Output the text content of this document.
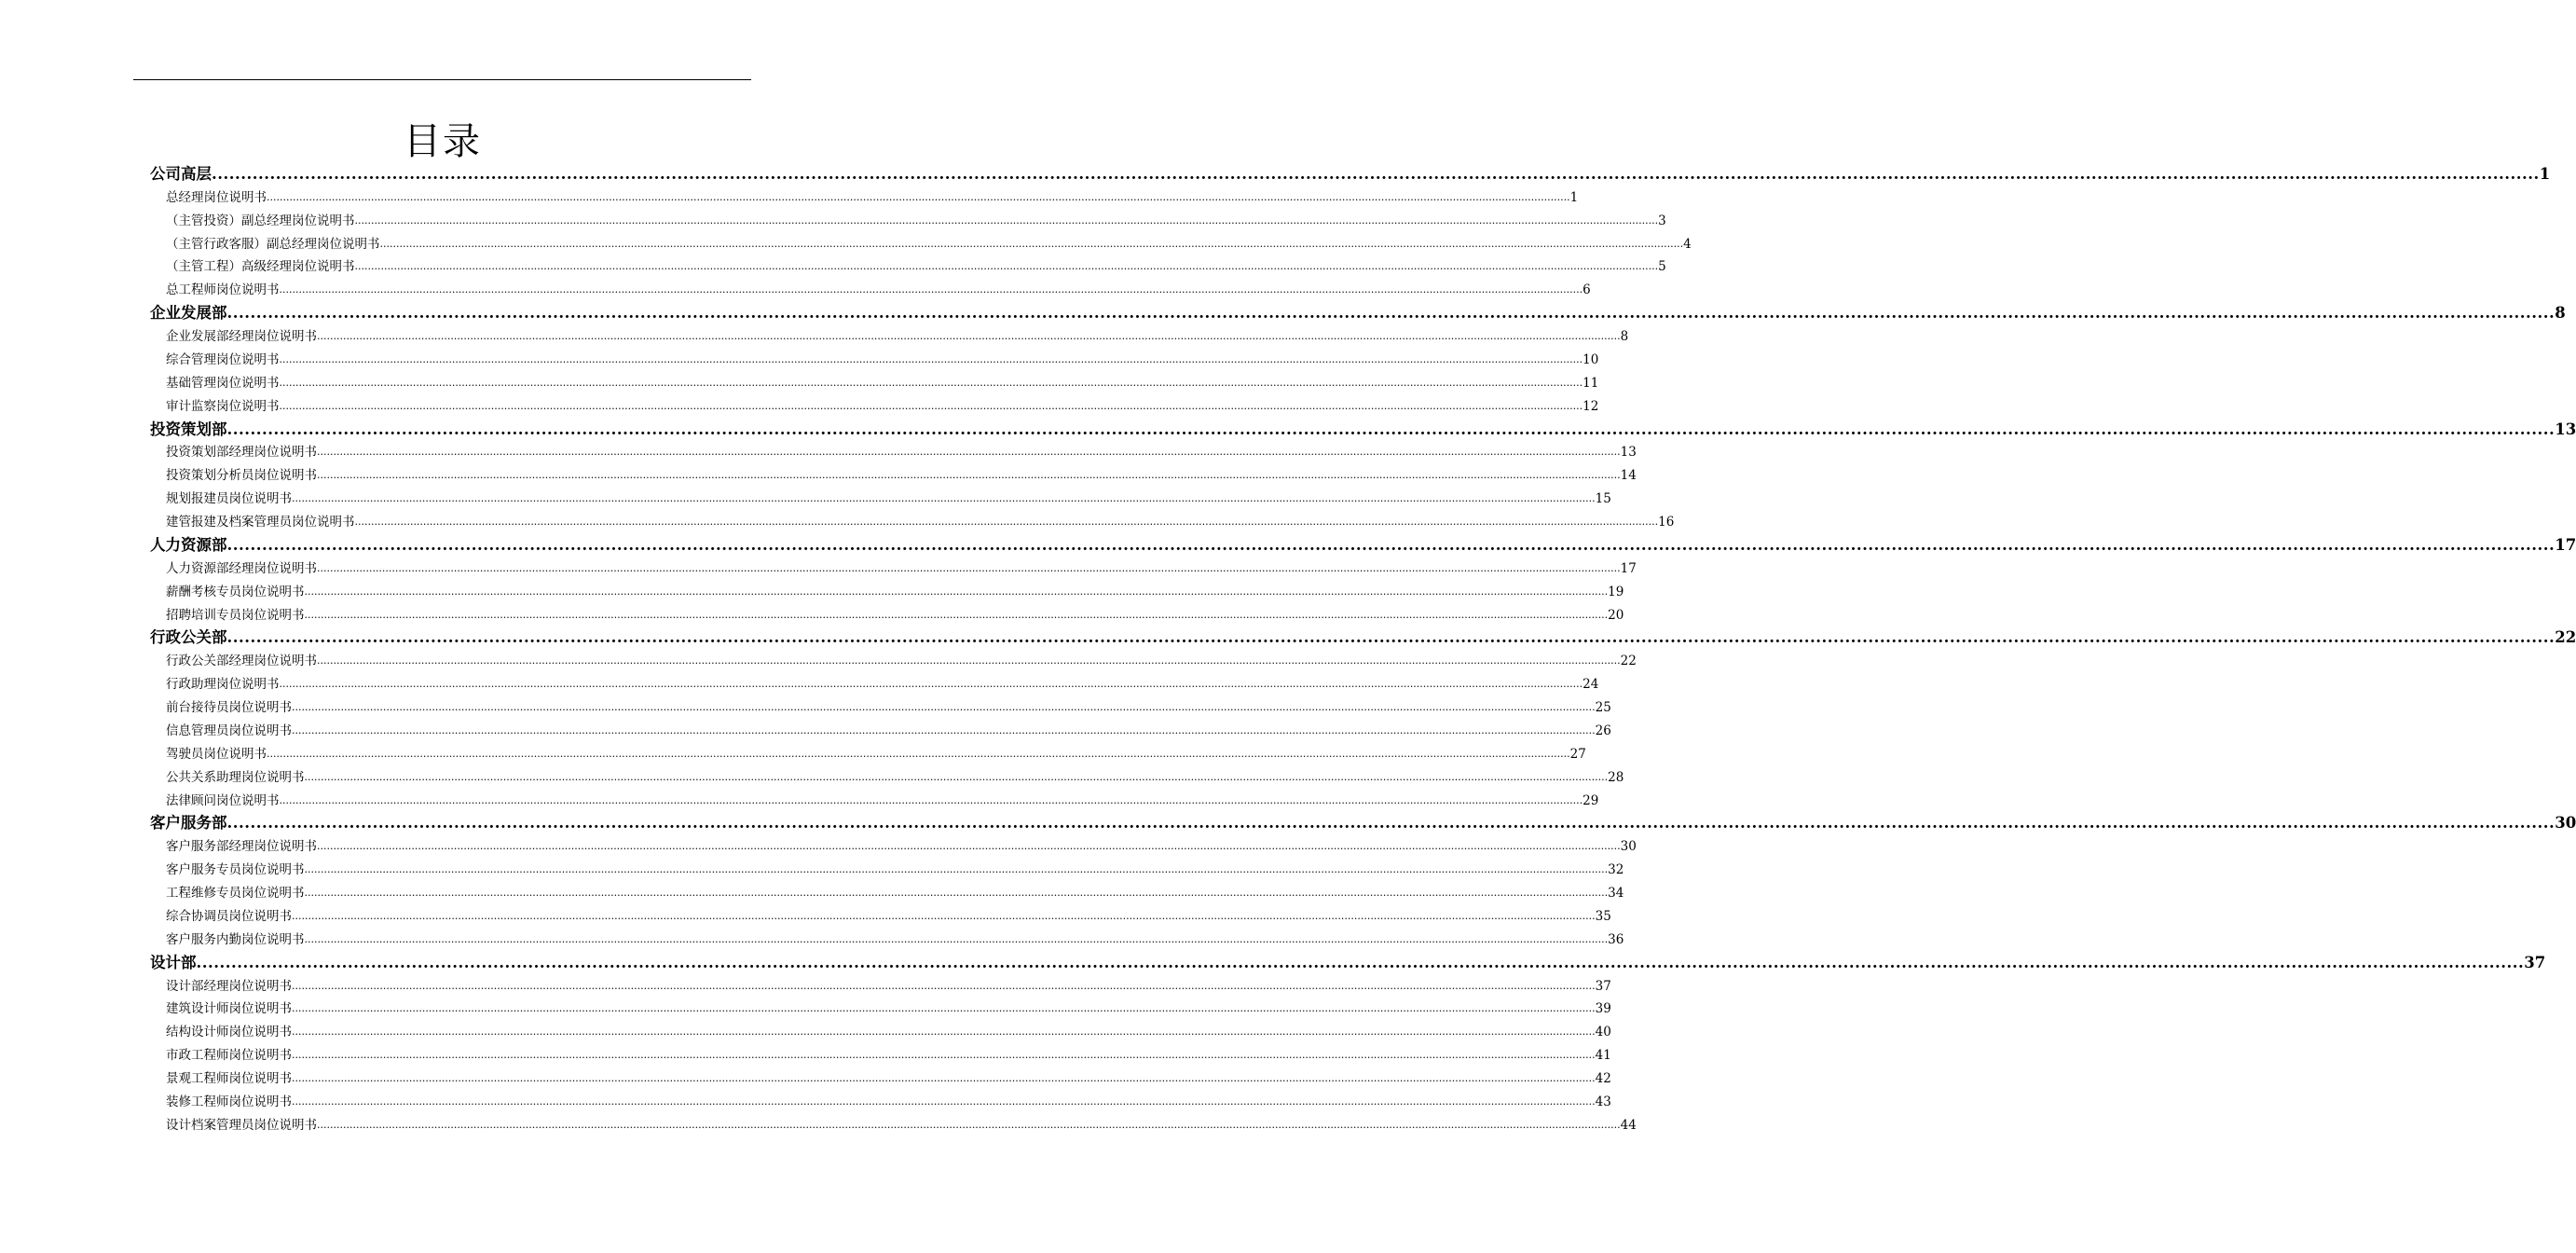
目录
公司高层 ................................................................................................................................................................................................................................................................................................................................................................................................................ 1
总经理岗位说明书 ................................................................................................................................................................................................................................................................................................................................................................................................................ 1
（主管投资）副总经理岗位说明书 ................................................................................................................................................................................................................................................................................................................................................................................................................ 3
（主管行政客服）副总经理岗位说明书 ................................................................................................................................................................................................................................................................................................................................................................................................................ 4
（主管工程）高级经理岗位说明书 ................................................................................................................................................................................................................................................................................................................................................................................................................ 5
总工程师岗位说明书 ................................................................................................................................................................................................................................................................................................................................................................................................................ 6
企业发展部 ................................................................................................................................................................................................................................................................................................................................................................................................................ 8
企业发展部经理岗位说明书 ................................................................................................................................................................................................................................................................................................................................................................................................................ 8
综合管理岗位说明书 ................................................................................................................................................................................................................................................................................................................................................................................................................ 10
基础管理岗位说明书 ................................................................................................................................................................................................................................................................................................................................................................................................................ 11
审计监察岗位说明书 ................................................................................................................................................................................................................................................................................................................................................................................................................ 12
投资策划部 ................................................................................................................................................................................................................................................................................................................................................................................................................ 13
投资策划部经理岗位说明书 ................................................................................................................................................................................................................................................................................................................................................................................................................ 13
投资策划分析员岗位说明书 ................................................................................................................................................................................................................................................................................................................................................................................................................ 14
规划报建员岗位说明书 ................................................................................................................................................................................................................................................................................................................................................................................................................ 15
建管报建及档案管理员岗位说明书 ................................................................................................................................................................................................................................................................................................................................................................................................................ 16
人力资源部 ................................................................................................................................................................................................................................................................................................................................................................................................................ 17
人力资源部经理岗位说明书 ................................................................................................................................................................................................................................................................................................................................................................................................................ 17
薪酬考核专员岗位说明书 ................................................................................................................................................................................................................................................................................................................................................................................................................ 19
招聘培训专员岗位说明书 ................................................................................................................................................................................................................................................................................................................................................................................................................ 20
行政公关部 ................................................................................................................................................................................................................................................................................................................................................................................................................ 22
行政公关部经理岗位说明书 ................................................................................................................................................................................................................................................................................................................................................................................................................ 22
行政助理岗位说明书 ................................................................................................................................................................................................................................................................................................................................................................................................................ 24
前台接待员岗位说明书 ................................................................................................................................................................................................................................................................................................................................................................................................................ 25
信息管理员岗位说明书 ................................................................................................................................................................................................................................................................................................................................................................................................................ 26
驾驶员岗位说明书 ................................................................................................................................................................................................................................................................................................................................................................................................................ 27
公共关系助理岗位说明书 ................................................................................................................................................................................................................................................................................................................................................................................................................ 28
法律顾问岗位说明书 ................................................................................................................................................................................................................................................................................................................................................................................................................ 29
客户服务部 ................................................................................................................................................................................................................................................................................................................................................................................................................ 30
客户服务部经理岗位说明书 ................................................................................................................................................................................................................................................................................................................................................................................................................ 30
客户服务专员岗位说明书 ................................................................................................................................................................................................................................................................................................................................................................................................................ 32
工程维修专员岗位说明书 ................................................................................................................................................................................................................................................................................................................................................................................................................ 34
综合协调员岗位说明书 ................................................................................................................................................................................................................................................................................................................................................................................................................ 35
客户服务内勤岗位说明书 ................................................................................................................................................................................................................................................................................................................................................................................................................ 36
设计部 ................................................................................................................................................................................................................................................................................................................................................................................................................ 37
设计部经理岗位说明书 ................................................................................................................................................................................................................................................................................................................................................................................................................ 37
建筑设计师岗位说明书 ................................................................................................................................................................................................................................................................................................................................................................................................................ 39
结构设计师岗位说明书 ................................................................................................................................................................................................................................................................................................................................................................................................................ 40
市政工程师岗位说明书 ................................................................................................................................................................................................................................................................................................................................................................................................................ 41
景观工程师岗位说明书 ................................................................................................................................................................................................................................................................................................................................................................................................................ 42
装修工程师岗位说明书 ................................................................................................................................................................................................................................................................................................................................................................................................................ 43
设计档案管理员岗位说明书 ................................................................................................................................................................................................................................................................................................................................................................................................................ 44
